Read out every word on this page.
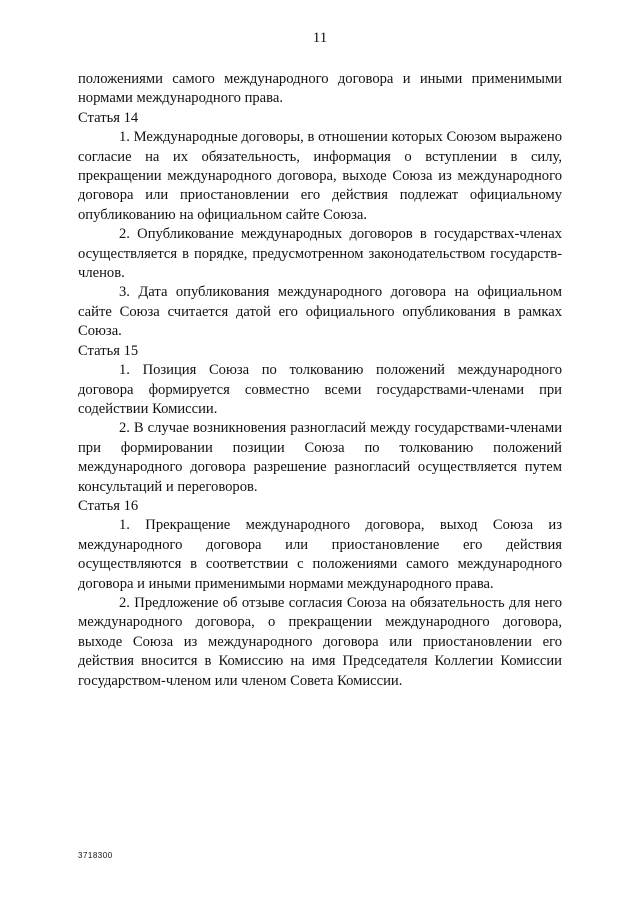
11

положениями самого международного договора и иными применимыми нормами международного права.

Статья 14

1. Международные договоры, в отношении которых Союзом выражено согласие на их обязательность, информация о вступлении в силу, прекращении международного договора, выходе Союза из международного договора или приостановлении его действия подлежат официальному опубликованию на официальном сайте Союза.

2. Опубликование международных договоров в государствах-членах осуществляется в порядке, предусмотренном законодательством государств-членов.

3. Дата опубликования международного договора на официальном сайте Союза считается датой его официального опубликования в рамках Союза.

Статья 15

1. Позиция Союза по толкованию положений международного договора формируется совместно всеми государствами-членами при содействии Комиссии.

2. В случае возникновения разногласий между государствами-членами при формировании позиции Союза по толкованию положений международного договора разрешение разногласий осуществляется путем консультаций и переговоров.

Статья 16

1. Прекращение международного договора, выход Союза из международного договора или приостановление его действия осуществляются в соответствии с положениями самого международного договора и иными применимыми нормами международного права.

2. Предложение об отзыве согласия Союза на обязательность для него международного договора, о прекращении международного договора, выходе Союза из международного договора или приостановлении его действия вносится в Комиссию на имя Председателя Коллегии Комиссии государством-членом или членом Совета Комиссии.

3718300
